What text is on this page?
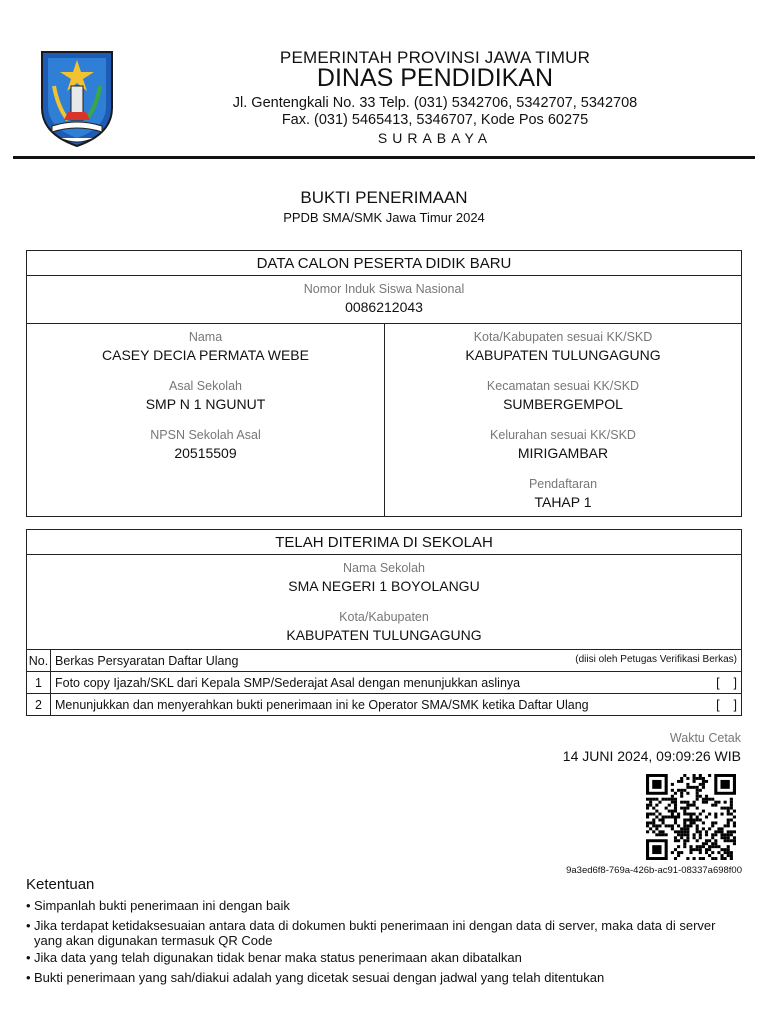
PEMERINTAH PROVINSI JAWA TIMUR
DINAS PENDIDIKAN
Jl. Gentengkali No. 33 Telp. (031) 5342706, 5342707, 5342708
Fax. (031) 5465413, 5346707, Kode Pos 60275
SURABAYA
BUKTI PENERIMAAN
PPDB SMA/SMK Jawa Timur 2024
DATA CALON PESERTA DIDIK BARU
Nomor Induk Siswa Nasional
0086212043
Nama
CASEY DECIA PERMATA WEBE
Asal Sekolah
SMP N 1 NGUNUT
NPSN Sekolah Asal
20515509
Kota/Kabupaten sesuai KK/SKD
KABUPATEN TULUNGAGUNG
Kecamatan sesuai KK/SKD
SUMBERGEMPOL
Kelurahan sesuai KK/SKD
MIRIGAMBAR
Pendaftaran
TAHAP 1
TELAH DITERIMA DI SEKOLAH
Nama Sekolah
SMA NEGERI 1 BOYOLANGU
Kota/Kabupaten
KABUPATEN TULUNGAGUNG
No.	Berkas Persyaratan Daftar Ulang (diisi oleh Petugas Verifikasi Berkas)

1	Foto copy Ijazah/SKL dari Kepala SMP/Sederajat Asal dengan menunjukkan aslinya [    ]

2	Menunjukkan dan menyerahkan bukti penerimaan ini ke Operator SMA/SMK ketika Daftar Ulang [    ]
Waktu Cetak
14 JUNI 2024, 09:09:26 WIB
9a3ed6f8-769a-426b-ac91-08337a698f00
Ketentuan
• Simpanlah bukti penerimaan ini dengan baik
• Jika terdapat ketidaksesuaian antara data di dokumen bukti penerimaan ini dengan data di server, maka data di server yang akan digunakan termasuk QR Code
• Jika data yang telah digunakan tidak benar maka status penerimaan akan dibatalkan
• Bukti penerimaan yang sah/diakui adalah yang dicetak sesuai dengan jadwal yang telah ditentukan
